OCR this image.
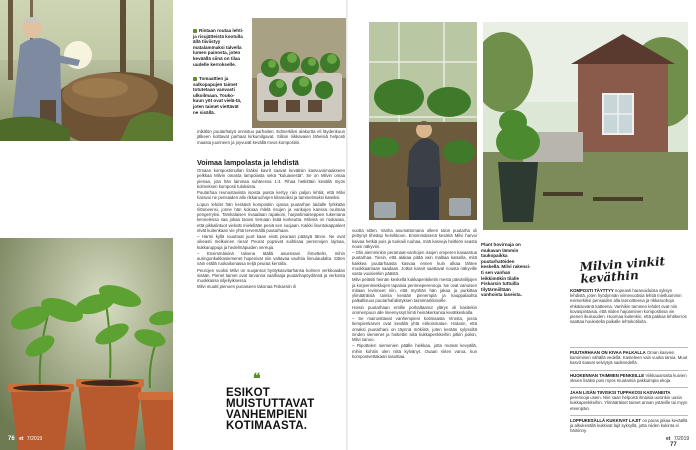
Rintaan routaa lehti- ja risujätteistä kootulla ällä tiiviistyy matalammaksi talvella lumen painosta, joten keväällä siinä on tilaa uudelle kerrokselle.
Tomaattien ja salkopapujen taimet totutetaan vanvasti ulkoilmaan. Touko-kuun yöt ovat vielä-tä, joten taimet viettävät ne sisällä.

mikälön puutarhatyö onnistuu parhaiten. Edmerkiksi alakurtta eli läydenkuun jälkeen kolttavat parhaat kirkumilgavat. Silloin riikkavaien läheisiä helposti maasta juurineen ja joyvuvät kevällä mvos kompostiin.

Voimaa lampolasta ja lehdistä

Omaan kompostimullan lisäksi kavrit saavat kevätisin kasvuvoimaakseen pelkkaa Milvin omasta lampolasta sekä "kuluaviestä". Se on Milvin omaa pienaa, jota hän lainmaa suhteessa 1:4. Pihaa hetkittäin kevällä myös kolmeksen komposti tuloksista.

Puutarhaa reunustaviista isoista puista kertyy niin paljon lehtiä, että Milvi haravoi ne pensaiden alle rikkaruohojen kilamoiksi ja tammelmaksi kateiksi.

Lopun lehdet hän keräävä kompostiin ojassa puutarhan laidalle fyrkkään riittoneensi, jonne hän kokoaa mlelä risujen ja vankojen kanssa roulmaa pengerryksi. Tamkalaisen rivaadaan rapakom, harjantimaiseppien tukemana kennelessa saa jokaa taoosi tiemaan lisää korkeutta. Milvinä on mukavaa, että pikkalintuot viekvät mielellään pesiä sen suojaan. Kaikki lisuntokappaleet elvät kuitenkaan vie yhtä tervemällä puutarhaan.

– Harmi kyllä rouuttuat juurt kaan eivät peuraan pääsyä tänne. Ne ovat oikeasti melkoinen riesa! Peurat popsivat suihtisaa perennojen lajmaa, kukkaruppuja ja hedelmäpuiden vereuja.

– Ensimmäisinä talvena täällä asuessani ihmettelin, mihin auringonkukkasiemenet hupenivat niin valtavaa vauhtia linnulaudalta. Sitten näin erällä ruokailumassa neljä peuraa kerralla.

Peurojen vuoksi Milvi on suojannut hyötykasvitarhansa kolmen verkkoaidan sisään. Pienet taimet ovat tarvanna vaalhaaja puutarhapöydänsä ja verkosta muokkassa niljeilyiksessa.

Milvi muutti pienoen punaiseen takonaa Fiskarsiin ili

❝
ESIKOT
MUISTUTTAVAT
VANHEMPIENI
KOTIMAASTA.
76 et 7/2019

vuotta sitten. Vanha asumattomana olleen talon puutarha oli pettynyt tiheäsp heinikkoon. Ensimmäisenä kesänä Milvi harvoi kaivaa hetkiä pois ja tuokaili ruuhaa, mitä kasveja heitkiön seasta nousi näkyviin.

– Olin aiemminkin peramaat-vanhojen isiojen omperen kasaantua puutarhaa. Tiesin, että alakaa pitää vain maltiaa katsella, mitä kaikkea puutarhaasta kasvaa ennen kuin alkaa lähtee muokkaamaan saadaan. Jotkut kasvit saattavat nousta näkyville vasta vuosienkin päästä.

Milvi peläsiti heinän keskellä kukkapenkiketin mesta päivänliljojen ja korjeenmiekkojen tapaisia perinneperennoja. Ne ovat vanoisen mitaan levinneet niin, että myöhän hän jakaa ja purkittaa ylimääräisiä taimia kevään pienempiä ja kauppalauhta palkallisuus puutarhahdistyksen taimimarkkinoille.

Hoisin puutarhaan entille porkaltaanut ylärys oli kasitekin ommenpuun alle lineenyssyt liimti heinäkerkansa kevätkeskalla.

– Se mainosttavat vanhempieni kotimaasta Virosta, jossa tiempientiarvet ovat kevällä yhtä erikoismatue. Halusin, että omaksi puutarhani on täynnä mökiiriä, joten kerään sylyssiltä ninden siemenet ja hoitiettin siitä kukkapenkkeihin pitkin poikin, Milvi sanoo.

– Ripottelen siemenien päälle hiekkaa, jotta muteat kevyällä, mihin kohtiin olen niitä kylvänyt. Ouaan niiten varoa, kun kompostvettakaan tasoittaa.

Plant hovirnaja on mukavan lämmin taukopaikka puutarhatöiden keskellä. Milvi rakensi-ti sen vanhan leikkimökin tilalle Fiskarsin tuttuilla tilytärmiiltään vanhoista laseista.
Milvin vinkit keväthin
KOMPOSTI TÄYTTYY nopeasti haravoiduista syksyn lehdistä, joten hyödynnän viimevuotisia lehtiä mietluummin esimerkiksi pensaiden alla lannoitteena ja rikkaruohoja ehkäisevänä katteena. Vanhikin tammen lehdet ovat niin kovaspintaisia, että niiden hajoaminen kompostissa vie pienen ikuisuuden. Huomaa kuitenkin, että pakkas lehtikerros saattaa houkutella paikalle lehtokotiloita.
PUUTARHAAN ON KIVAA PALKALLA Oman kasvien karsiminen vähällä vedellä. Kasteleen vain vuoka tamia. Muut kasvit saavat selviytyä sadevedellä.
HUOKENNAN TAIMMEN PENKEILLE Viikkauarsalta kuivien sksien lisäksi pois myös muutamia pakkuimpia ekoja.
JAAN LISÄN TIIVISKSI TUPPAKOSI KASVANEITA perennoja usein. Niin saan helpoisti ilmaisia uusinkin uusia kukkapenkkeihin. Ylimääräiset taimet annan ystäville tai myyn eteenpäin.
LOPPUKESÄLLÄ KUKKIVAT LAJIT on paras jakaa keväällä ja alkukesällä kukkivat lajit syksyllä, jotta niiden kukinta ei häiriinny.
et 7/2019 77
